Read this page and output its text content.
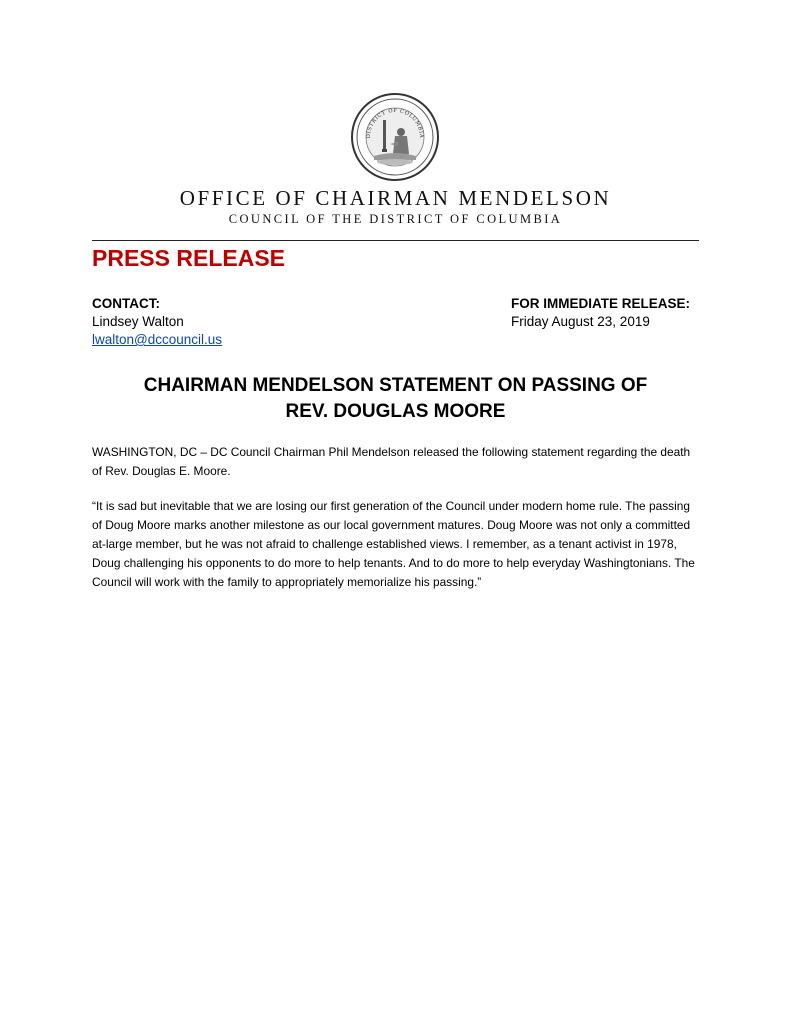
DISTRICT OF COLUMBIA
OFFICE OF CHAIRMAN MENDELSON
COUNCIL OF THE DISTRICT OF COLUMBIA
PRESS RELEASE
CONTACT:
Lindsey Walton
lwalton@dccouncil.us
FOR IMMEDIATE RELEASE:
Friday August 23, 2019
CHAIRMAN MENDELSON STATEMENT ON PASSING OF
REV. DOUGLAS MOORE
WASHINGTON, DC – DC Council Chairman Phil Mendelson released the following statement regarding the death of Rev. Douglas E. Moore.
“It is sad but inevitable that we are losing our first generation of the Council under modern home rule. The passing of Doug Moore marks another milestone as our local government matures. Doug Moore was not only a committed at-large member, but he was not afraid to challenge established views. I remember, as a tenant activist in 1978, Doug challenging his opponents to do more to help tenants. And to do more to help everyday Washingtonians. The Council will work with the family to appropriately memorialize his passing.”
